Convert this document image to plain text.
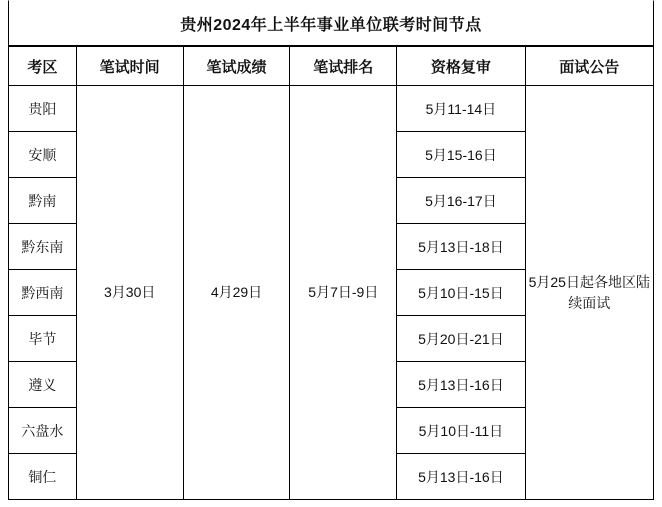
贵州2024年上半年事业单位联考时间节点
考区	笔试时间	笔试成绩	笔试排名	资格复审	面试公告
贵阳	3月30日	4月29日	5月7日-9日	5月11-14日	5月25日起各地区陆续面试
安顺				5月15-16日	
黔南				5月16-17日	
黔东南				5月13日-18日	
黔西南				5月10日-15日	
毕节				5月20日-21日	
遵义				5月13日-16日	
六盘水				5月10日-11日	
铜仁				5月13日-16日	
